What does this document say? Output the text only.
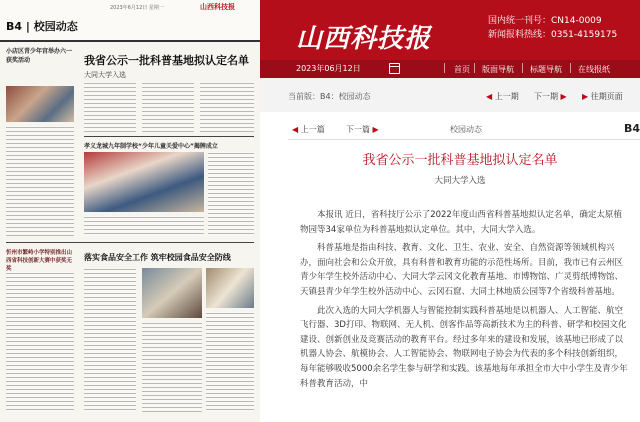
B4 | 校园动态
2023年6月12日 星期一	山西科技报
小店区青少年宫举办六一获奖活动	我省公示一批科普基地拟认定名单
大同大学入选
孝义龙城九年制学校“少年儿童关爱中心”揭牌成立
忻州市繁峙小学特别推出山西省科技创新大赛中获奖无奖
落实食品安全工作 筑牢校园食品安全防线
山西科技报
国内统一刊号：CN14-0009
新闻报料热线：0351-4159175
2023年06月12日	首页 版面导航 标题导航 在线报纸
当前版：B4：校园动态	◀ 上一期 下一期 ▶ ▶ 往期页面
◀ 上一篇	下一篇 ▶	校园动态	B4
我省公示一批科普基地拟认定名单
大同大学入选

本报讯 近日，省科技厅公示了2022年度山西省科普基地拟认定名单，确定太原植物园等34家单位为科普基地拟认定单位。其中，大同大学入选。

科普基地是指由科技、教育、文化、卫生、农业、安全、自然资源等领域机构兴办，面向社会和公众开放，具有科普和教育功能的示范性场所。目前，我市已有云州区青少年学生校外活动中心、大同大学云冈文化教育基地、市博物馆、广灵剪纸博物馆、天镇县青少年学生校外活动中心、云冈石窟、大同土林地质公园等7个省级科普基地。

此次入选的大同大学机器人与智能控制实践科普基地是以机器人、人工智能、航空飞行器、3D打印、物联网、无人机、创客作品等高新技术为主的科普、研学和校园文化建设、创新创业及竞赛活动的教育平台。经过多年来的建设和发展，该基地已形成了以机器人协会、航模协会、人工智能协会、物联网电子协会为代表的多个科技创新组织，每年能够吸收5000余名学生参与研学和实践。该基地每年承担全市大中小学生及青少年科普教育活动，中
